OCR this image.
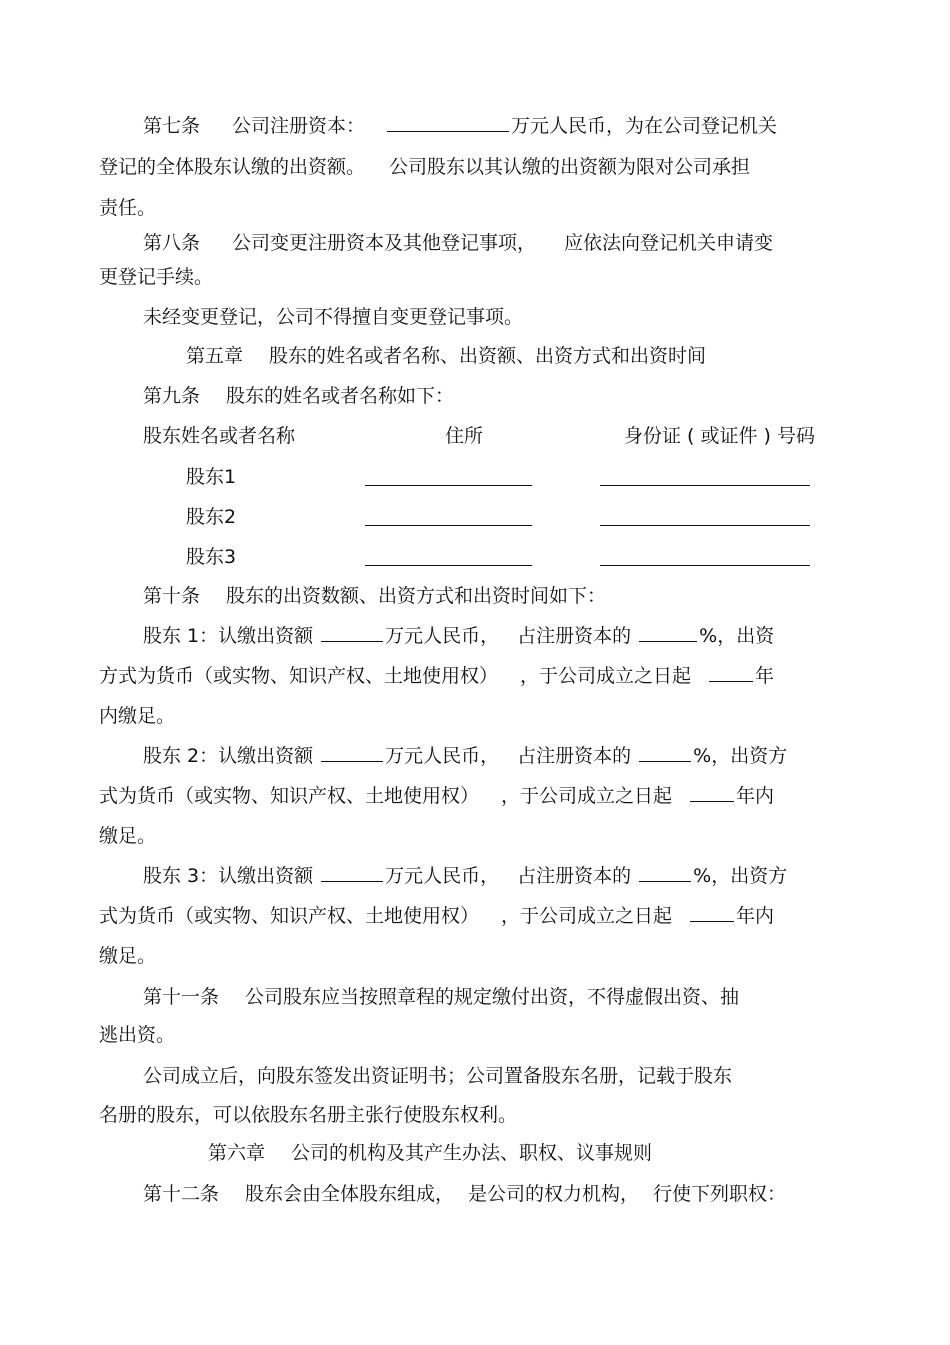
第七条 公司注册资本：	万元人民币，为在公司登记机关
登记的全体股东认缴的出资额。 公司股东以其认缴的出资额为限对公司承担
责任。
第八条 公司变更注册资本及其他登记事项， 应依法向登记机关申请变
更登记手续。
未经变更登记，公司不得擅自变更登记事项。
第五章 股东的姓名或者名称、出资额、出资方式和出资时间
第九条 股东的姓名或者名称如下：
股东姓名或者名称	住所	身份证 ( 或证件 ) 号码
股东1
股东2
股东3
第十条 股东的出资数额、出资方式和出资时间如下：
股东 1：认缴出资额	万元人民币， 占注册资本的	%，出资
方式为货币（或实物、知识产权、土地使用权） ，于公司成立之日起	年
内缴足。
股东 2：认缴出资额	万元人民币， 占注册资本的	%，出资方
式为货币（或实物、知识产权、土地使用权） ，于公司成立之日起	年内
缴足。
股东 3：认缴出资额	万元人民币， 占注册资本的	%，出资方
式为货币（或实物、知识产权、土地使用权） ，于公司成立之日起	年内
缴足。
第十一条 公司股东应当按照章程的规定缴付出资，不得虚假出资、抽
逃出资。
公司成立后，向股东签发出资证明书；公司置备股东名册，记载于股东
名册的股东，可以依股东名册主张行使股东权利。
第六章 公司的机构及其产生办法、职权、议事规则
第十二条 股东会由全体股东组成， 是公司的权力机构， 行使下列职权：
